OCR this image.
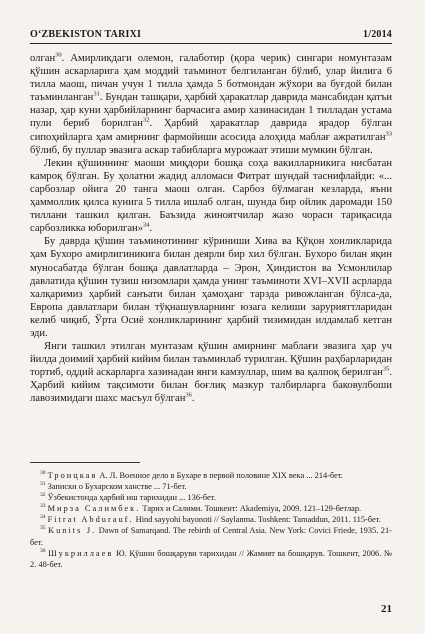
O‘ZBEKISTON TARIXI	1/2014

олган$^{30}$. Амирликдаги олемон, галаботир (қора черик) сингари номунтазам қўшин аскарларига ҳам моддий таъминот белгиланган бўлиб, улар йилига 6 тилла маош, пичан учун 1 тилла ҳамда 5 ботмондан жўхори ва буғдой билан таъминланган$^{31}$. Бундан ташқари, ҳарбий ҳаракатлар даврида мансабидан қатъи назар, ҳар куни ҳарбийларнинг барчасига амир хазинасидан 1 тилладан устама пули бериб борилган$^{32}$. Ҳарбий ҳаракатлар даврида ярадор бўлган сипоҳийларга ҳам амирнинг фармойиши асосида алоҳида маблағ ажратилган$^{33}$ бўлиб, бу пуллар эвазига аскар табибларга мурожаат этиши мумкин бўлган.

Лекин қўшиннинг маоши миқдори бошқа соҳа вакилларникига нисбатан камроқ бўлган. Бу ҳолатни жадид алломаси Фитрат шундай таснифлайди: «... сарбозлар ойига 20 танга маош олган. Сарбоз бўлмаган кезларда, яъни ҳаммоллик қилса кунига 5 тилла ишлаб олган, шунда бир ойлик даромади 150 тиллани ташкил қилган. Баъзида жиноятчилар жазо чораси тариқасида сарбозликка юборилган»$^{34}$.

Бу даврда қўшин таъминотининг кўриниши Хива ва Қўқон хонликларида ҳам Бухоро амирлигиникига билан деярли бир хил бўлган. Бухоро билан яқин муносабатда бўлган бошқа давлатларда – Эрон, Ҳиндистон ва Усмонлилар давлатида қўшин тузиш низомлари ҳамда унинг таъминоти XVI–XVII асрларда халқаримиз ҳарбий санъати билан ҳамоҳанг тарзда ривожланган бўлса-да, Европа давлатлари билан тўқнашувларнинг юзага келиши зарурияттларидан келиб чиқиб, Ўрта Осиё хонликларининг ҳарбий тизимидан илдамлаб кетган эди.

Янги ташкил этилган мунтазам қўшин амирнинг маблағи эвазига ҳар уч йилда доимий ҳарбий кийим билан таъминлаб турилган. Қўшин раҳбарларидан тортиб, оддий аскарларга хазинадан янги камзуллар, шим ва қалпоқ берилган$^{35}$. Ҳарбий кийим тақсимоти билан боғлиқ мазкур талбирларга баковулбоши лавозимидаги шахс масъул бўлган$^{36}$.

$^{30}$ Троицкая А. Л. Военное дело в Бухаре в первой половине XIX века ... 214-бет.
$^{31}$ Записки о Бухарском ханстве ... 71-бет.
$^{32}$ Ўзбекистонда ҳарбий иш тарихидан ... 136-бет.
$^{33}$ Мирза Салимбек. Тарих и Салими. Тошкент: Akademiya, 2009. 121–129-бетлар.
$^{34}$ Fitrat Abdurauf. Hind sayyohi bayonoti // Saylanma. Toshkent: Tamaddun, 2011. 115-бет.
$^{35}$ Kunits J. Dawn of Samarqand. The rebirth of Central Asia. New York: Covici Friede, 1935. 21-бет.
$^{36}$ Шукриллаев Ю. Қўшин бошқаруви тарихидан // Жамият ва бошқарув. Тошкент, 2006. № 2. 48-бет.
21
